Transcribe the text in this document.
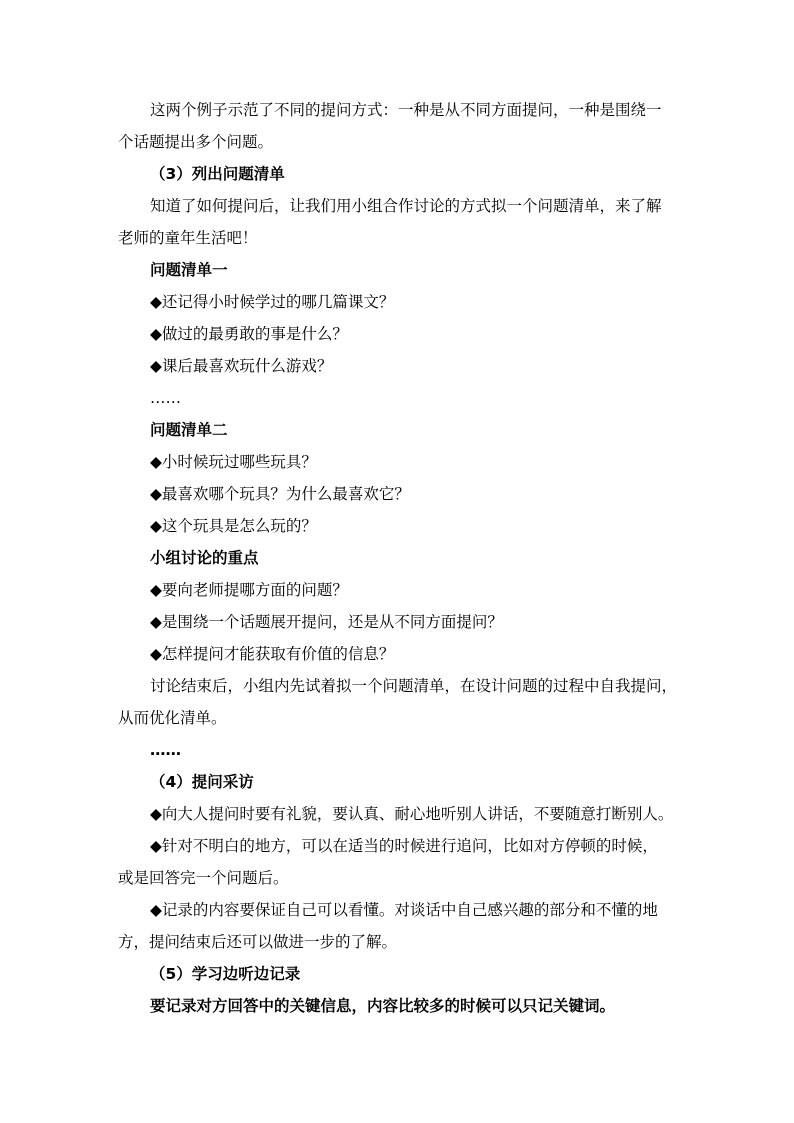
这两个例子示范了不同的提问方式：一种是从不同方面提问，一种是围绕一
个话题提出多个问题。
（3）列出问题清单
知道了如何提问后，让我们用小组合作讨论的方式拟一个问题清单，来了解
老师的童年生活吧！
问题清单一
◆还记得小时候学过的哪几篇课文？
◆做过的最勇敢的事是什么？
◆课后最喜欢玩什么游戏？
……
问题清单二
◆小时候玩过哪些玩具？
◆最喜欢哪个玩具？为什么最喜欢它？
◆这个玩具是怎么玩的？
小组讨论的重点
◆要向老师提哪方面的问题？
◆是围绕一个话题展开提问，还是从不同方面提问？
◆怎样提问才能获取有价值的信息？
讨论结束后，小组内先试着拟一个问题清单，在设计问题的过程中自我提问，
从而优化清单。
……
（4）提问采访
◆向大人提问时要有礼貌，要认真、耐心地听别人讲话，不要随意打断别人。
◆针对不明白的地方，可以在适当的时候进行追问，比如对方停顿的时候，
或是回答完一个问题后。
◆记录的内容要保证自己可以看懂。对谈话中自己感兴趣的部分和不懂的地
方，提问结束后还可以做进一步的了解。
（5）学习边听边记录
要记录对方回答中的关键信息，内容比较多的时候可以只记关键词。
